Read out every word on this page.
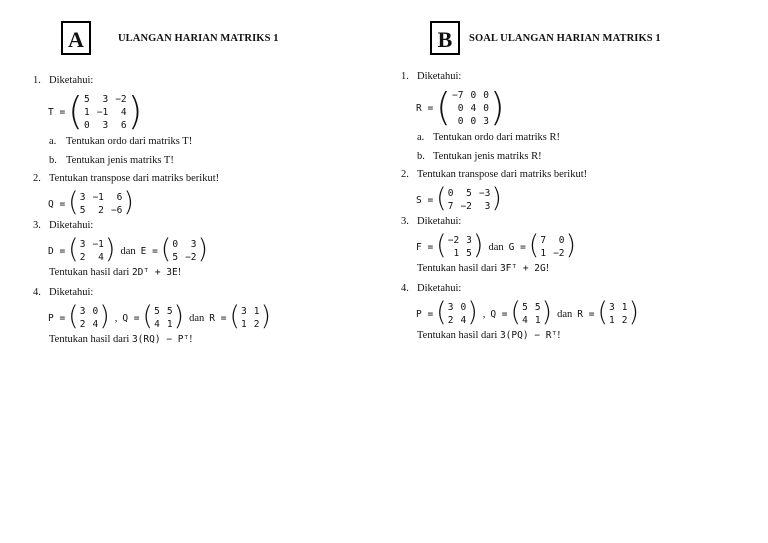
A	ULANGAN HARIAN MATRIKS 1
1. Diketahui:
T = ( 5	3 −2
1 −1	4
0	3	6 )
a. Tentukan ordo dari matriks T!
b. Tentukan jenis matriks T!
2. Tentukan transpose dari matriks berikut!
Q = ( 3 −1	6
5	2 −6 )
3. Diketahui:
D = ( 3 −1
2	4 ) dan E = ( 0	3
5 −2 )
Tentukan hasil dari 2Dᵀ + 3E!
4. Diketahui:
P = ( 3 0
2 4 ) , Q = ( 5 5
4 1 ) dan R = ( 3 1
1 2 )
Tentukan hasil dari 3(RQ) − Pᵀ!
B	SOAL ULANGAN HARIAN MATRIKS 1
1. Diketahui:
R = ( −7 0 0
0 4 0
0 0 3 )
a. Tentukan ordo dari matriks R!
b. Tentukan jenis matriks R!
2. Tentukan transpose dari matriks berikut!
S = ( 0	5 −3
7 −2	3 )
3. Diketahui:
F = ( −2 3
1 5 ) dan G = ( 7	0
1 −2 )
Tentukan hasil dari 3Fᵀ + 2G!
4. Diketahui:
P = ( 3 0
2 4 ) , Q = ( 5 5
4 1 ) dan R = ( 3 1
1 2 )
Tentukan hasil dari 3(PQ) − Rᵀ!
